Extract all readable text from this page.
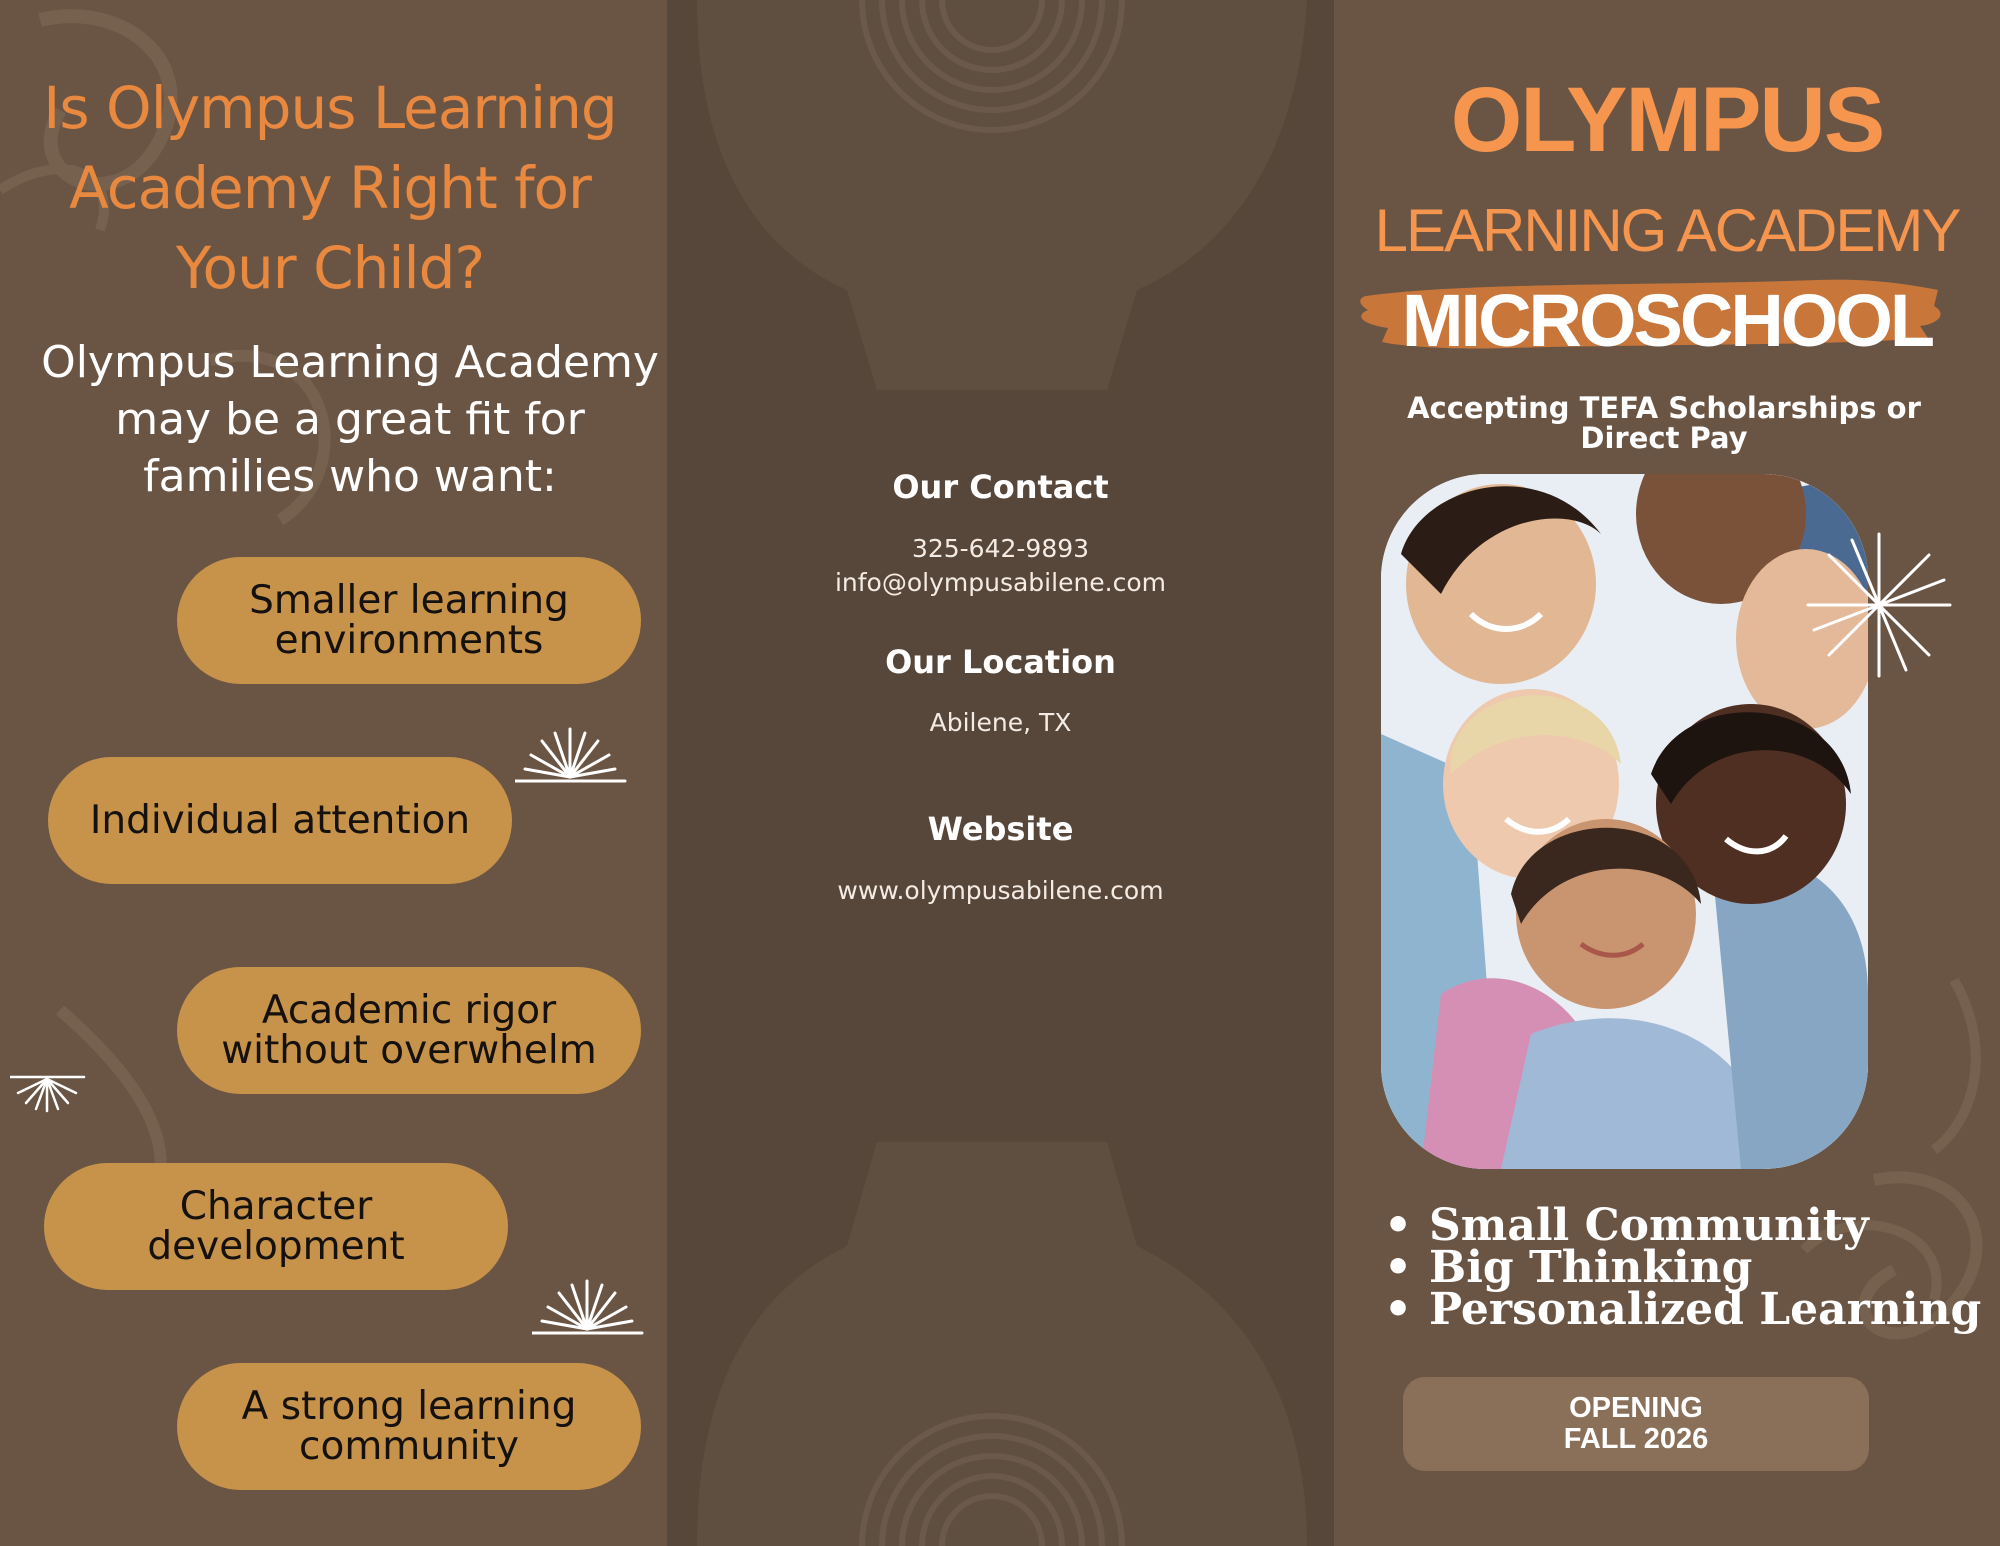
Is Olympus Learning Academy Right for Your Child?
Olympus Learning Academy
may be a great fit for
families who want:
Smaller learning
environments
Individual attention
Academic rigor
without overwhelm
Character
development
A strong learning
community
Our Contact
325-642-9893
info@olympusabilene.com
Our Location
Abilene, TX
Website
www.olympusabilene.com
OLYMPUS
LEARNING ACADEMY
MICROSCHOOL
Accepting TEFA Scholarships or Direct Pay
• Small Community
• Big Thinking
• Personalized Learning
OPENING
FALL 2026
